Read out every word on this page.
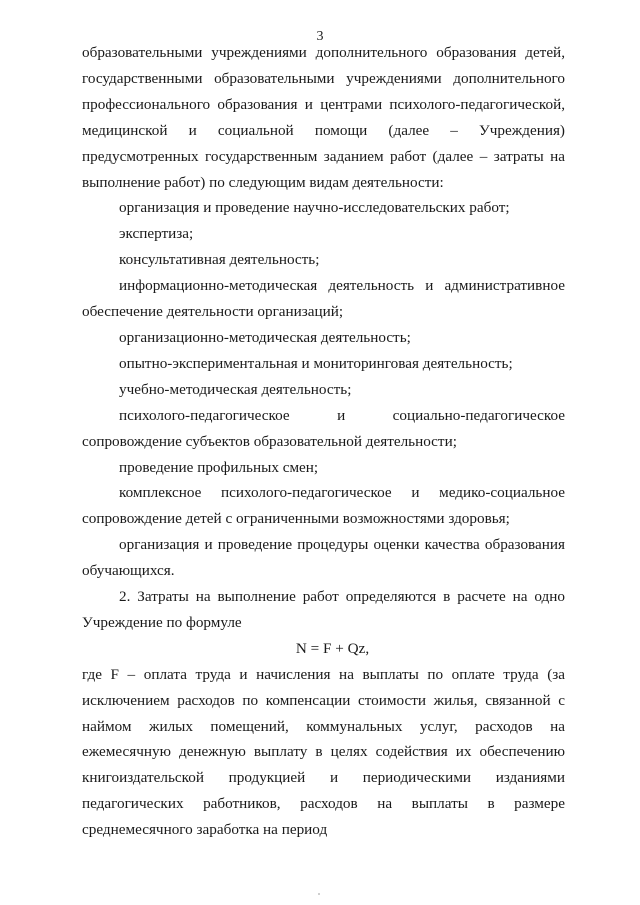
3

образовательными учреждениями дополнительного образования детей, государственными образовательными учреждениями дополнительного профессионального образования и центрами психолого-педагогической, медицинской и социальной помощи (далее – Учреждения) предусмотренных государственным заданием работ (далее – затраты на выполнение работ) по следующим видам деятельности:

организация и проведение научно-исследовательских работ;

экспертиза;

консультативная деятельность;

информационно-методическая деятельность и административное обеспечение деятельности организаций;

организационно-методическая деятельность;

опытно-экспериментальная и мониторинговая деятельность;

учебно-методическая деятельность;

психолого-педагогическое и социально-педагогическое сопровождение субъектов образовательной деятельности;

проведение профильных смен;

комплексное психолого-педагогическое и медико-социальное сопровождение детей с ограниченными возможностями здоровья;

организация и проведение процедуры оценки качества образования обучающихся.

2. Затраты на выполнение работ определяются в расчете на одно Учреждение по формуле

N = F + Qz,

где F – оплата труда и начисления на выплаты по оплате труда (за исключением расходов по компенсации стоимости жилья, связанной с наймом жилых помещений, коммунальных услуг, расходов на ежемесячную денежную выплату в целях содействия их обеспечению книгоиздательской продукцией и периодическими изданиями педагогических работников, расходов на выплаты в размере среднемесячного заработка на период
